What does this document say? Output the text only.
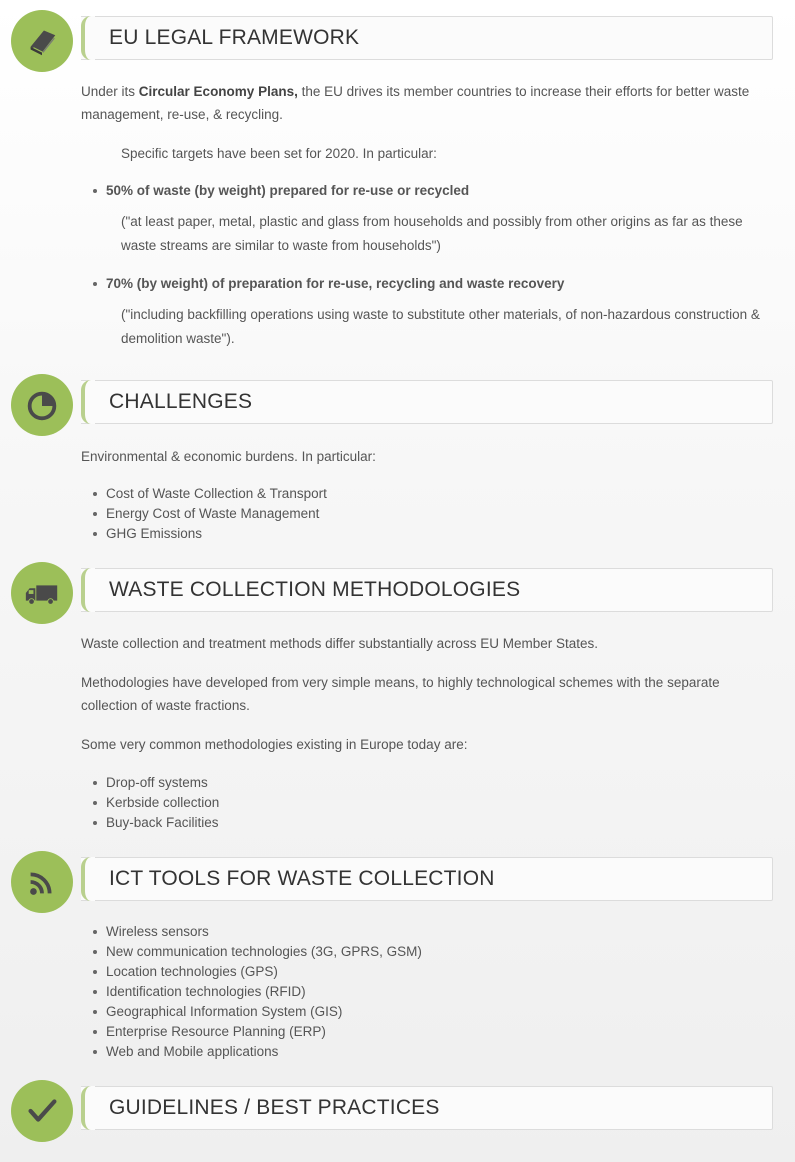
EU LEGAL FRAMEWORK

Under its Circular Economy Plans, the EU drives its member countries to increase their efforts for better waste management, re-use, & recycling.

Specific targets have been set for 2020. In particular:

50% of waste (by weight) prepared for re-use or recycled

("at least paper, metal, plastic and glass from households and possibly from other origins as far as these waste streams are similar to waste from households")

70% (by weight) of preparation for re-use, recycling and waste recovery

("including backfilling operations using waste to substitute other materials, of non-hazardous construction & demolition waste").

CHALLENGES

Environmental & economic burdens. In particular:

Cost of Waste Collection & Transport
Energy Cost of Waste Management
GHG Emissions
WASTE COLLECTION METHODOLOGIES

Waste collection and treatment methods differ substantially across EU Member States.

Methodologies have developed from very simple means, to highly technological schemes with the separate collection of waste fractions.

Some very common methodologies existing in Europe today are:

Drop-off systems
Kerbside collection
Buy-back Facilities
ICT TOOLS FOR WASTE COLLECTION
Wireless sensors
New communication technologies (3G, GPRS, GSM)
Location technologies (GPS)
Identification technologies (RFID)
Geographical Information System (GIS)
Enterprise Resource Planning (ERP)
Web and Mobile applications
GUIDELINES / BEST PRACTICES
